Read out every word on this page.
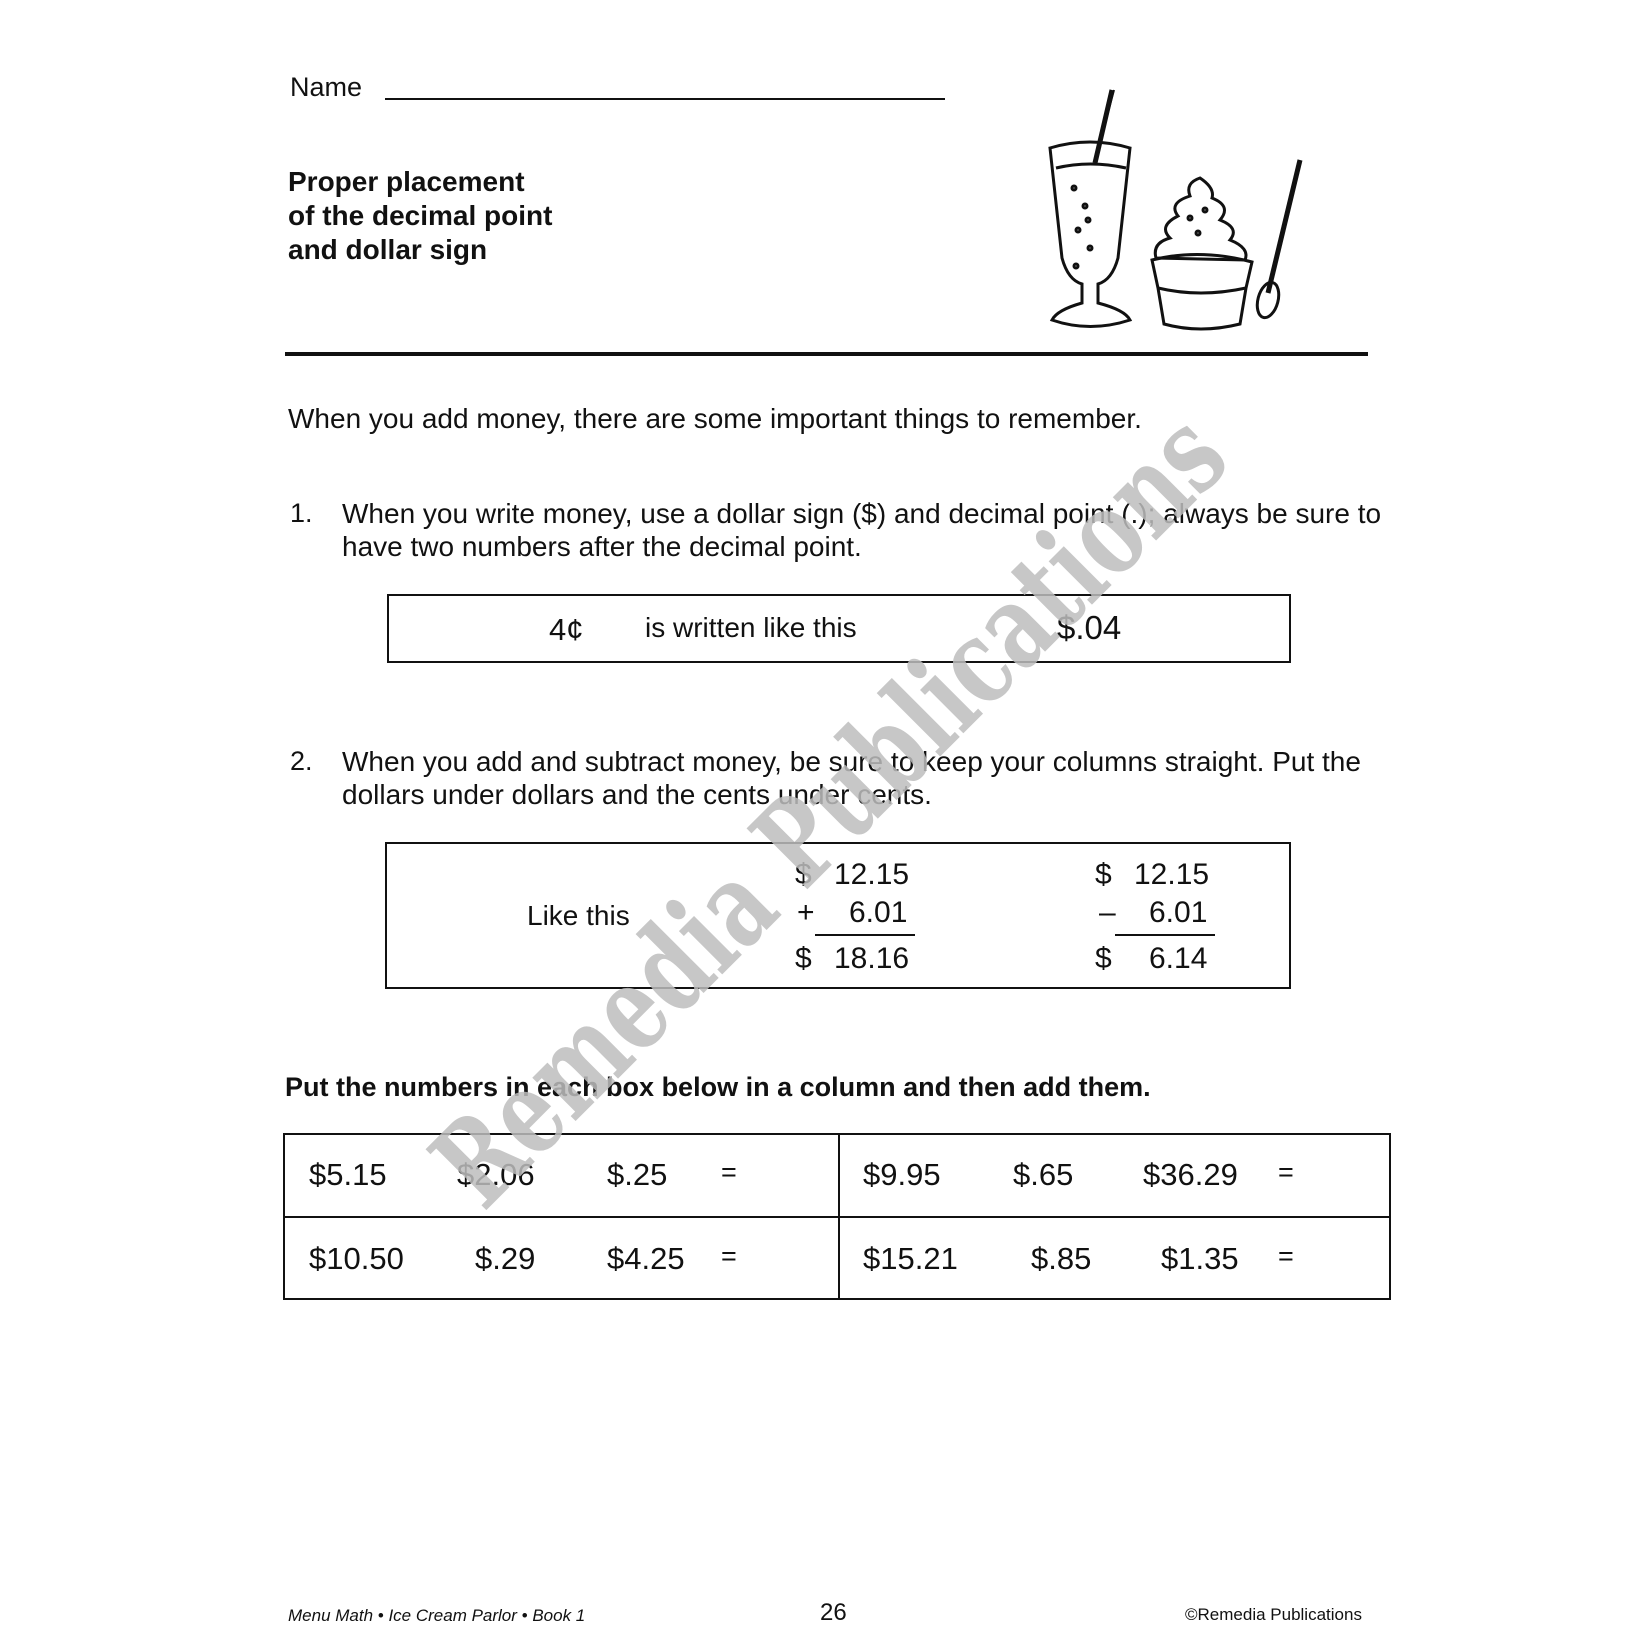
Name
Proper placement
of the decimal point
and dollar sign
When you add money, there are some important things to remember.
1. When you write money, use a dollar sign ($) and decimal point (.); always be sure to have two numbers after the decimal point.
4¢ is written like this	$.04
2. When you add and subtract money, be sure to keep your columns straight. Put the dollars under dollars and the cents under cents.
Like this
$ 12.15
+ 6.01
$ 18.16
$ 12.15
– 6.01
$ 6.14
Put the numbers in each box below in a column and then add them.
$5.15 $2.06 $.25 =	$9.95 $.65 $36.29 =
$10.50 $.29 $4.25 =	$15.21 $.85 $1.35 =
Remedia Publications
Menu Math • Ice Cream Parlor • Book 1	26	©Remedia Publications
